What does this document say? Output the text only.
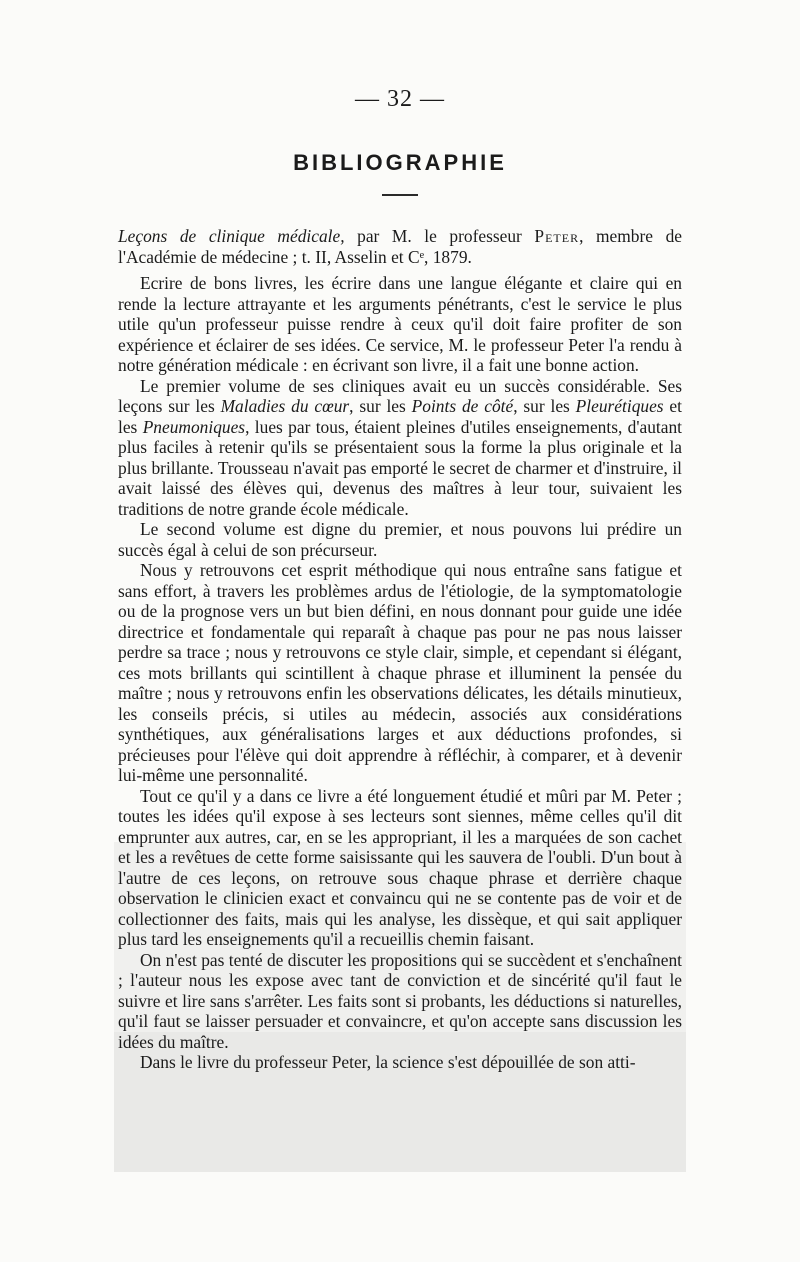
— 32 —
BIBLIOGRAPHIE

Leçons de clinique médicale, par M. le professeur Peter, membre de l'Académie de médecine ; t. II, Asselin et Cᵉ, 1879.

Ecrire de bons livres, les écrire dans une langue élégante et claire qui en rende la lecture attrayante et les arguments pénétrants, c'est le service le plus utile qu'un professeur puisse rendre à ceux qu'il doit faire profiter de son expérience et éclairer de ses idées. Ce service, M. le professeur Peter l'a rendu à notre génération médicale : en écrivant son livre, il a fait une bonne action.

Le premier volume de ses cliniques avait eu un succès considérable. Ses leçons sur les Maladies du cœur, sur les Points de côté, sur les Pleurétiques et les Pneumoniques, lues par tous, étaient pleines d'utiles enseignements, d'autant plus faciles à retenir qu'ils se présentaient sous la forme la plus originale et la plus brillante. Trousseau n'avait pas emporté le secret de charmer et d'instruire, il avait laissé des élèves qui, devenus des maîtres à leur tour, suivaient les traditions de notre grande école médicale.

Le second volume est digne du premier, et nous pouvons lui prédire un succès égal à celui de son précurseur.

Nous y retrouvons cet esprit méthodique qui nous entraîne sans fatigue et sans effort, à travers les problèmes ardus de l'étiologie, de la symptomatologie ou de la prognose vers un but bien défini, en nous donnant pour guide une idée directrice et fondamentale qui reparaît à chaque pas pour ne pas nous laisser perdre sa trace ; nous y retrouvons ce style clair, simple, et cependant si élégant, ces mots brillants qui scintillent à chaque phrase et illuminent la pensée du maître ; nous y retrouvons enfin les observations délicates, les détails minutieux, les conseils précis, si utiles au médecin, associés aux considérations synthétiques, aux généralisations larges et aux déductions profondes, si précieuses pour l'élève qui doit apprendre à réfléchir, à comparer, et à devenir lui-même une personnalité.

Tout ce qu'il y a dans ce livre a été longuement étudié et mûri par M. Peter ; toutes les idées qu'il expose à ses lecteurs sont siennes, même celles qu'il dit emprunter aux autres, car, en se les appropriant, il les a marquées de son cachet et les a revêtues de cette forme saisissante qui les sauvera de l'oubli. D'un bout à l'autre de ces leçons, on retrouve sous chaque phrase et derrière chaque observation le clinicien exact et convaincu qui ne se contente pas de voir et de collectionner des faits, mais qui les analyse, les dissèque, et qui sait appliquer plus tard les enseignements qu'il a recueillis chemin faisant.

On n'est pas tenté de discuter les propositions qui se succèdent et s'enchaînent ; l'auteur nous les expose avec tant de conviction et de sincérité qu'il faut le suivre et lire sans s'arrêter. Les faits sont si probants, les déductions si naturelles, qu'il faut se laisser persuader et convaincre, et qu'on accepte sans discussion les idées du maître.

Dans le livre du professeur Peter, la science s'est dépouillée de son atti-
